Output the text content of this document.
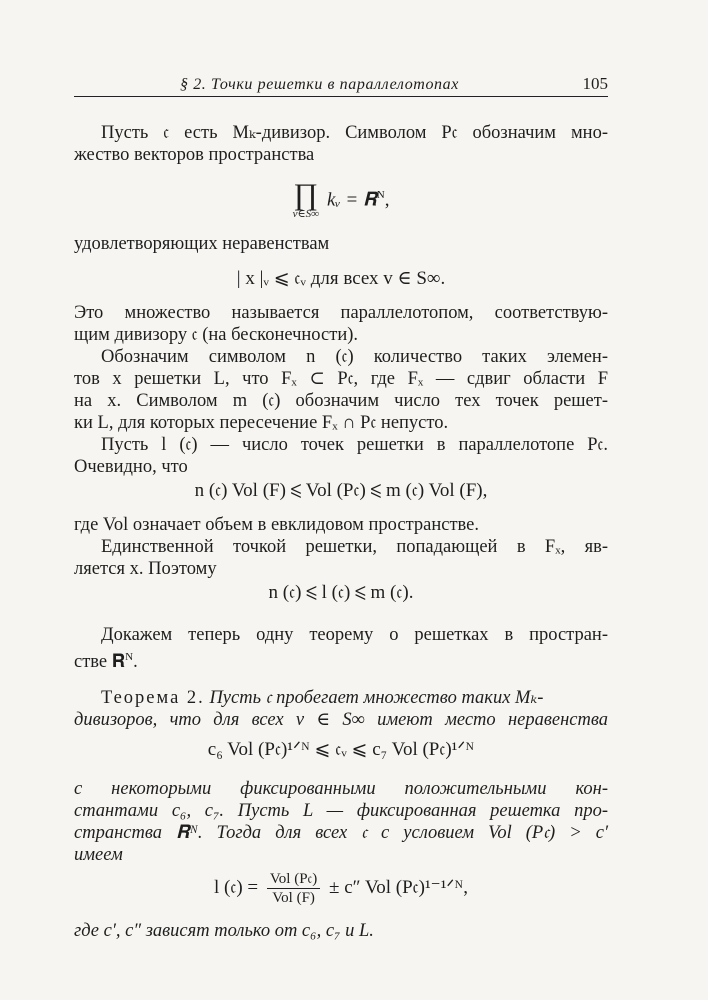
§ 2. Точки решетки в параллелотопах	105
Пусть 𝔠 есть Mₖ-дивизор. Символом P𝔠 обозначим мно-
жество векторов пространства
∏
v∈S∞
kᵥ = 𝐑$^N$,
удовлетворяющих неравенствам
| x |ᵥ ⩽ 𝔠ᵥ для всех v ∈ S∞.
Это множество называется параллелотопом, соответствую-
щим дивизору 𝔠 (на бесконечности).
Обозначим символом n (𝔠) количество таких элемен-
тов x решетки L, что Fₓ ⊂ P𝔠, где Fₓ — сдвиг области F
на x. Символом m (𝔠) обозначим число тех точек решет-
ки L, для которых пересечение Fₓ ∩ P𝔠 непусто.
Пусть l (𝔠) — число точек решетки в параллелотопе P𝔠.
Очевидно, что
n (𝔠) Vol (F) ⩽ Vol (P𝔠) ⩽ m (𝔠) Vol (F),
где Vol означает объем в евклидовом пространстве.
Единственной точкой решетки, попадающей в Fₓ, яв-
ляется x. Поэтому
n (𝔠) ⩽ l (𝔠) ⩽ m (𝔠).
Докажем теперь одну теорему о решетках в простран-
стве 𝐑$^N$.
Теорема 2. Пусть 𝔠 пробегает множество таких Mₖ-
дивизоров, что для всех v ∈ S∞ имеют место неравенства
c₆ Vol (P𝔠)¹ᐟᴺ ⩽ 𝔠ᵥ ⩽ c₇ Vol (P𝔠)¹ᐟᴺ
с некоторыми фиксированными положительными кон-
стантами c₆, c₇. Пусть L — фиксированная решетка про-
странства 𝐑ᴺ. Тогда для всех 𝔠 с условием Vol (P𝔠) > c′
имеем
l (𝔠) = $\frac{\text{Vol (P𝔠)}}{\text{Vol (F)}} \pm c''$ Vol (P𝔠)¹⁻¹ᐟᴺ,
где c′, c″ зависят только от c₆, c₇ и L.
